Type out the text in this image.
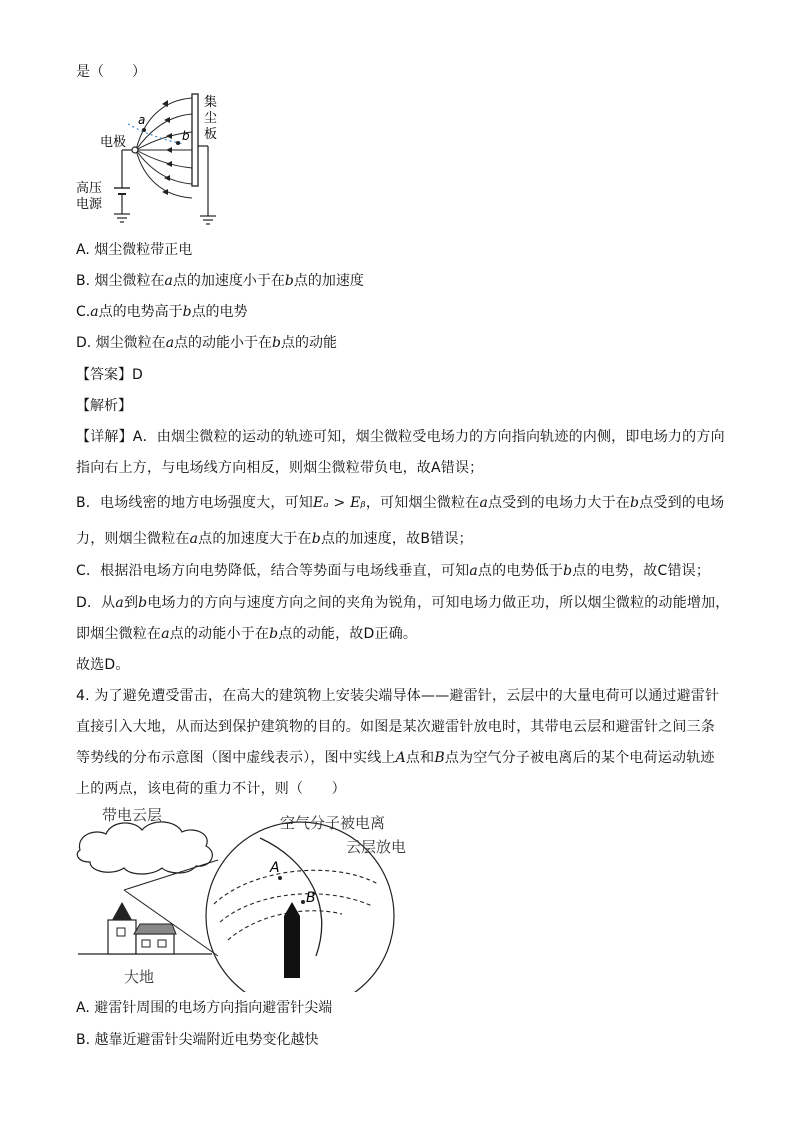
是（　　）
a
b
电极
集
尘
板
高压
电源
A. 烟尘微粒带正电
B. 烟尘微粒在a点的加速度小于在b点的加速度
C.a点的电势高于b点的电势
D. 烟尘微粒在a点的动能小于在b点的动能
【答案】D
【解析】
【详解】A．由烟尘微粒的运动的轨迹可知，烟尘微粒受电场力的方向指向轨迹的内侧，即电场力的方向
指向右上方，与电场线方向相反，则烟尘微粒带负电，故A错误；
B．电场线密的地方电场强度大，可知Eₐ > Eᵦ，可知烟尘微粒在a点受到的电场力大于在b点受到的电场
力，则烟尘微粒在a点的加速度大于在b点的加速度，故B错误；
C．根据沿电场方向电势降低，结合等势面与电场线垂直，可知a点的电势低于b点的电势，故C错误；
D．从a到b电场力的方向与速度方向之间的夹角为锐角，可知电场力做正功，所以烟尘微粒的动能增加，
即烟尘微粒在a点的动能小于在b点的动能，故D正确。
故选D。
4. 为了避免遭受雷击，在高大的建筑物上安装尖端导体——避雷针，云层中的大量电荷可以通过避雷针
直接引入大地，从而达到保护建筑物的目的。如图是某次避雷针放电时，其带电云层和避雷针之间三条
等势线的分布示意图（图中虚线表示），图中实线上A点和B点为空气分子被电离后的某个电荷运动轨迹
上的两点，该电荷的重力不计，则（　　）
带电云层
大地
A
B
空气分子被电离
云层放电
A. 避雷针周围的电场方向指向避雷针尖端
B. 越靠近避雷针尖端附近电势变化越快
